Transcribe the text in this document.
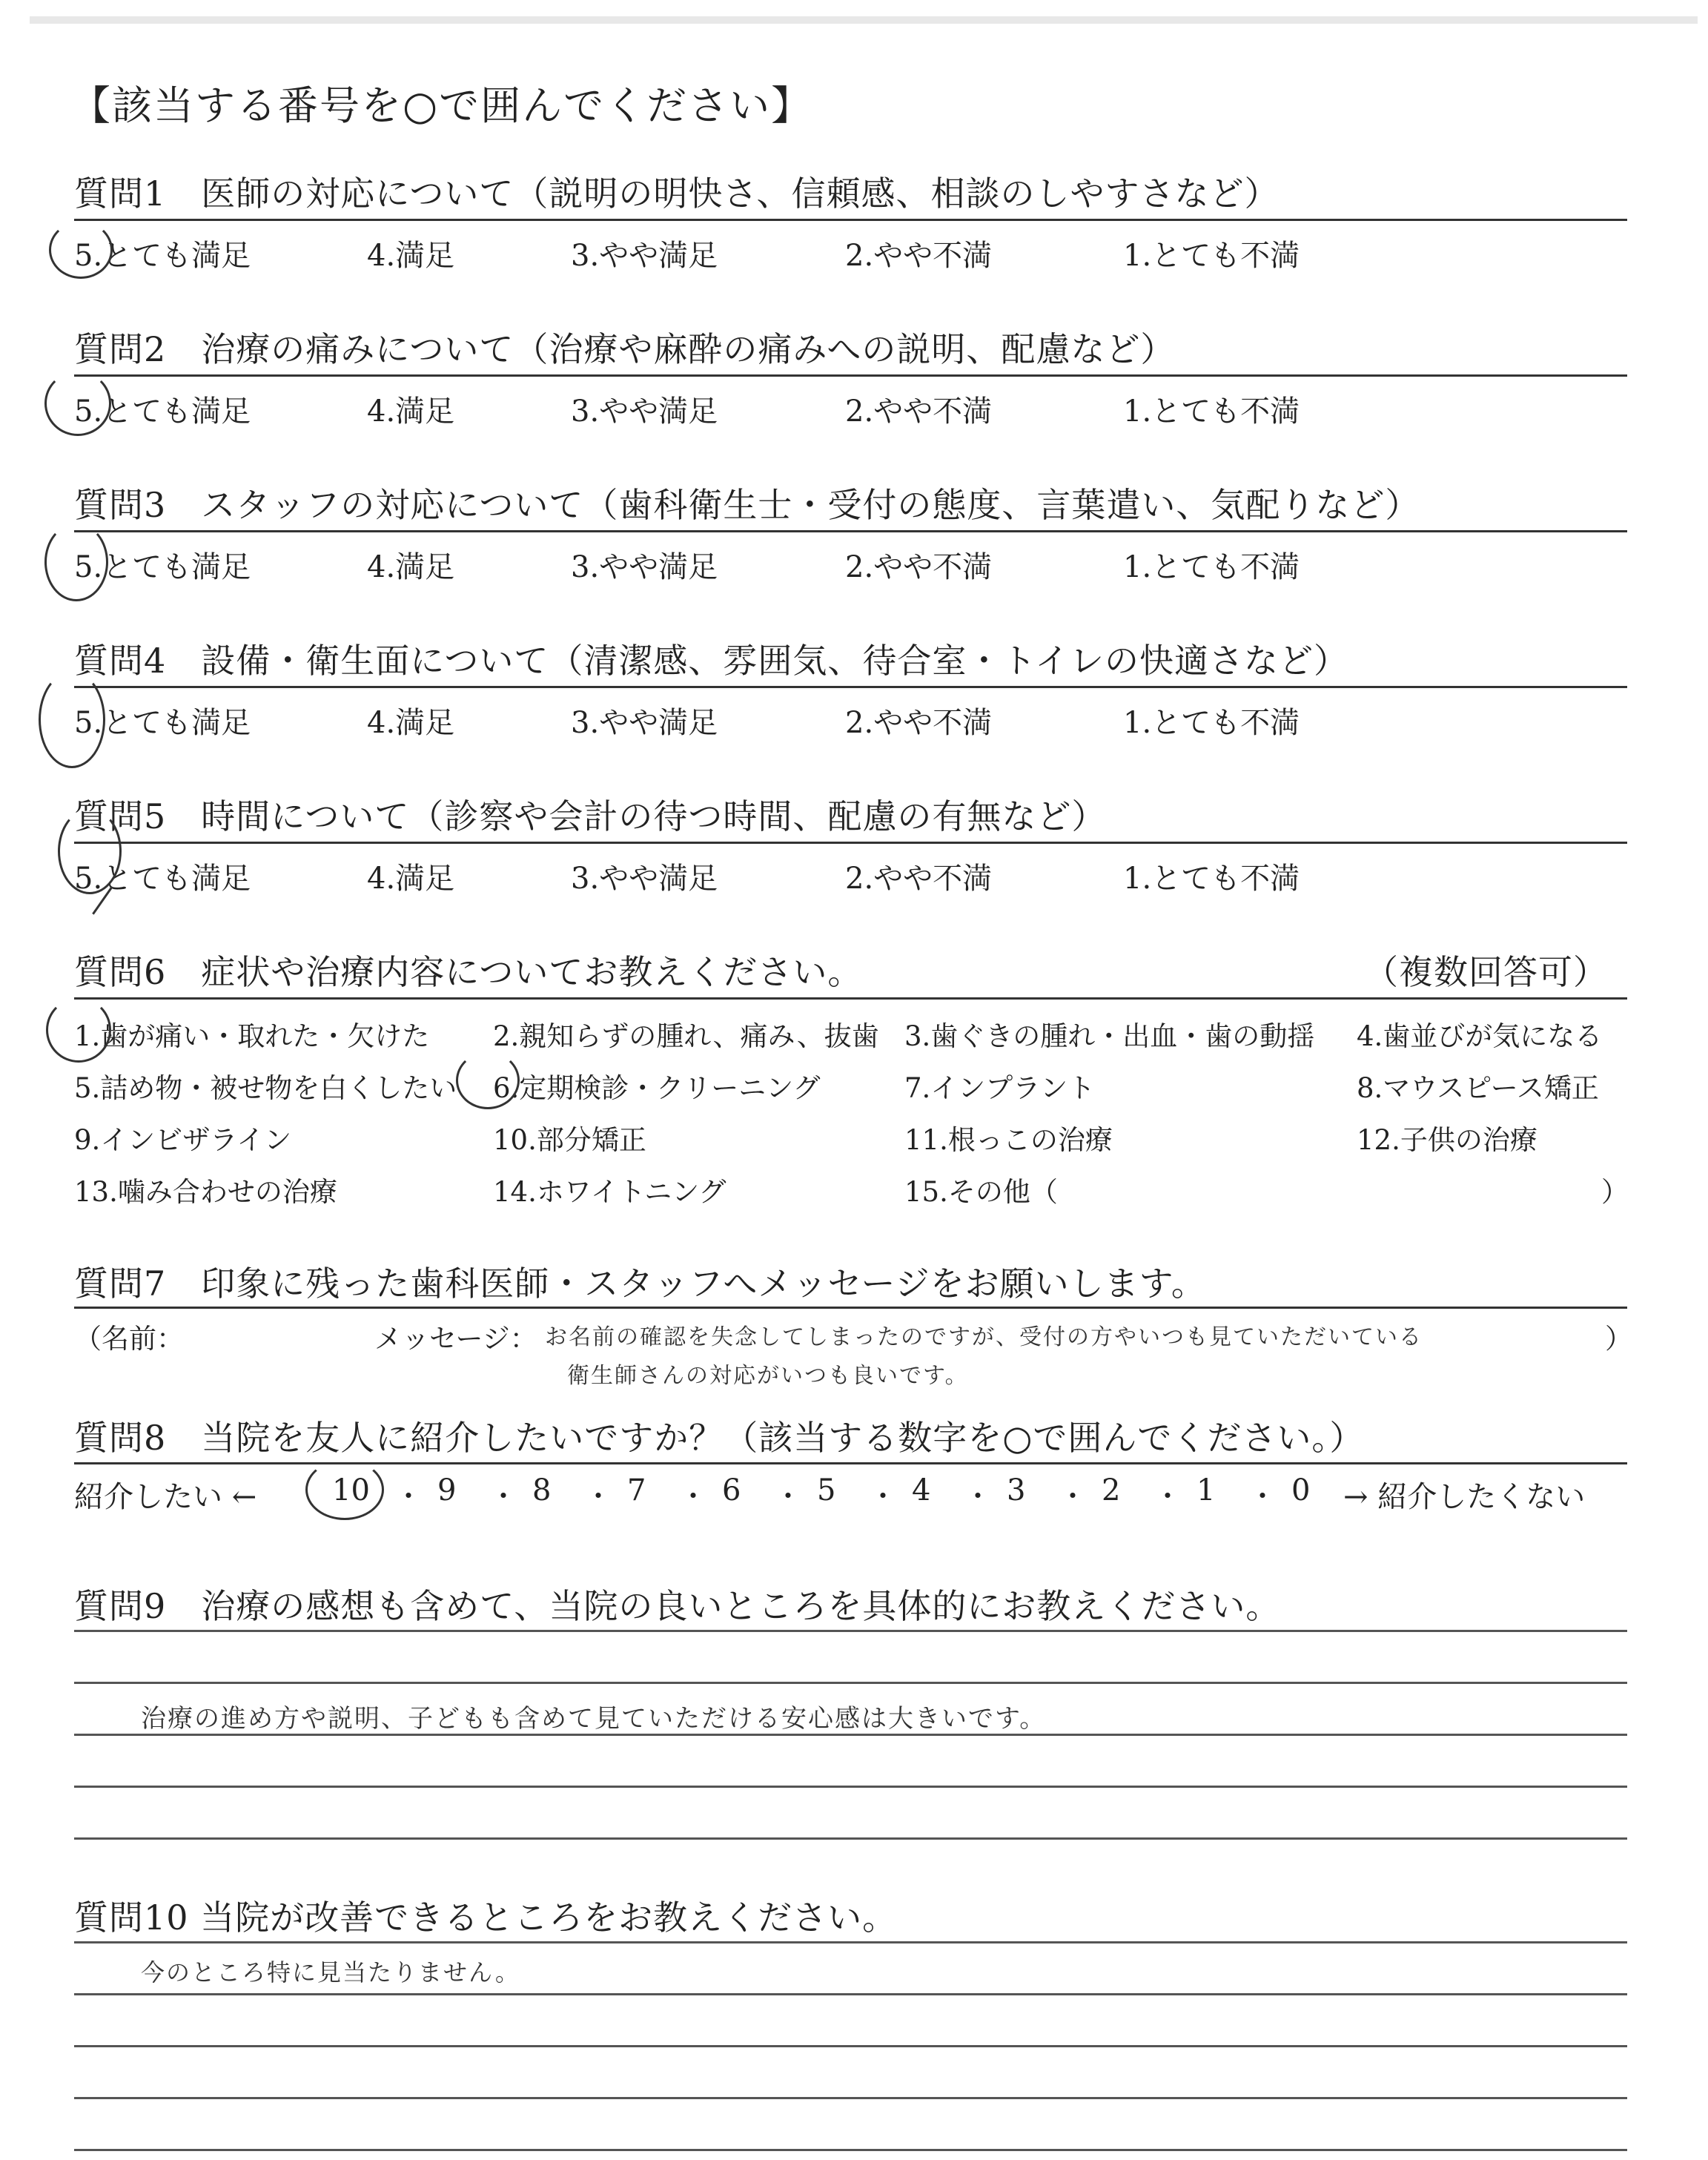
【該当する番号を○で囲んでください】
質問1　医師の対応について（説明の明快さ、信頼感、相談のしやすさなど）
5.とても満足	4.満足	3.やや満足	2.やや不満	1.とても不満
質問2　治療の痛みについて（治療や麻酔の痛みへの説明、配慮など）
5.とても満足	4.満足	3.やや満足	2.やや不満	1.とても不満
質問3　スタッフの対応について（歯科衛生士・受付の態度、言葉遣い、気配りなど）
5.とても満足	4.満足	3.やや満足	2.やや不満	1.とても不満
質問4　設備・衛生面について（清潔感、雰囲気、待合室・トイレの快適さなど）
5.とても満足	4.満足	3.やや満足	2.やや不満	1.とても不満
質問5　時間について（診察や会計の待つ時間、配慮の有無など）
5.とても満足	4.満足	3.やや満足	2.やや不満	1.とても不満
質問6　症状や治療内容についてお教えください。	（複数回答可）
1.歯が痛い・取れた・欠けた 2.親知らずの腫れ、痛み、抜歯 3.歯ぐきの腫れ・出血・歯の動揺 4.歯並びが気になる
5.詰め物・被せ物を白くしたい 6.定期検診・クリーニング	7.インプラント	8.マウスピース矯正
9.インビザライン	10.部分矯正	11.根っこの治療	12.子供の治療
13.噛み合わせの治療	14.ホワイトニング	15.その他（	）
質問7　印象に残った歯科医師・スタッフへメッセージをお願いします。
（名前：	メッセージ： お名前の確認を失念してしまったのですが、受付の方やいつも見ていただいている
衛生師さんの対応がいつも良いです。
）
質問8　当院を友人に紹介したいですか？（該当する数字を○で囲んでください。）
紹介したい ←	10 9	8	7	6	5	4	3	2	1	0
・ ・ ・ ・ ・ ・ ・ ・ ・ ・ → 紹介したくない
質問9　治療の感想も含めて、当院の良いところを具体的にお教えください。
治療の進め方や説明、子どもも含めて見ていただける安心感は大きいです。
質問10 当院が改善できるところをお教えください。
今のところ特に見当たりません。
